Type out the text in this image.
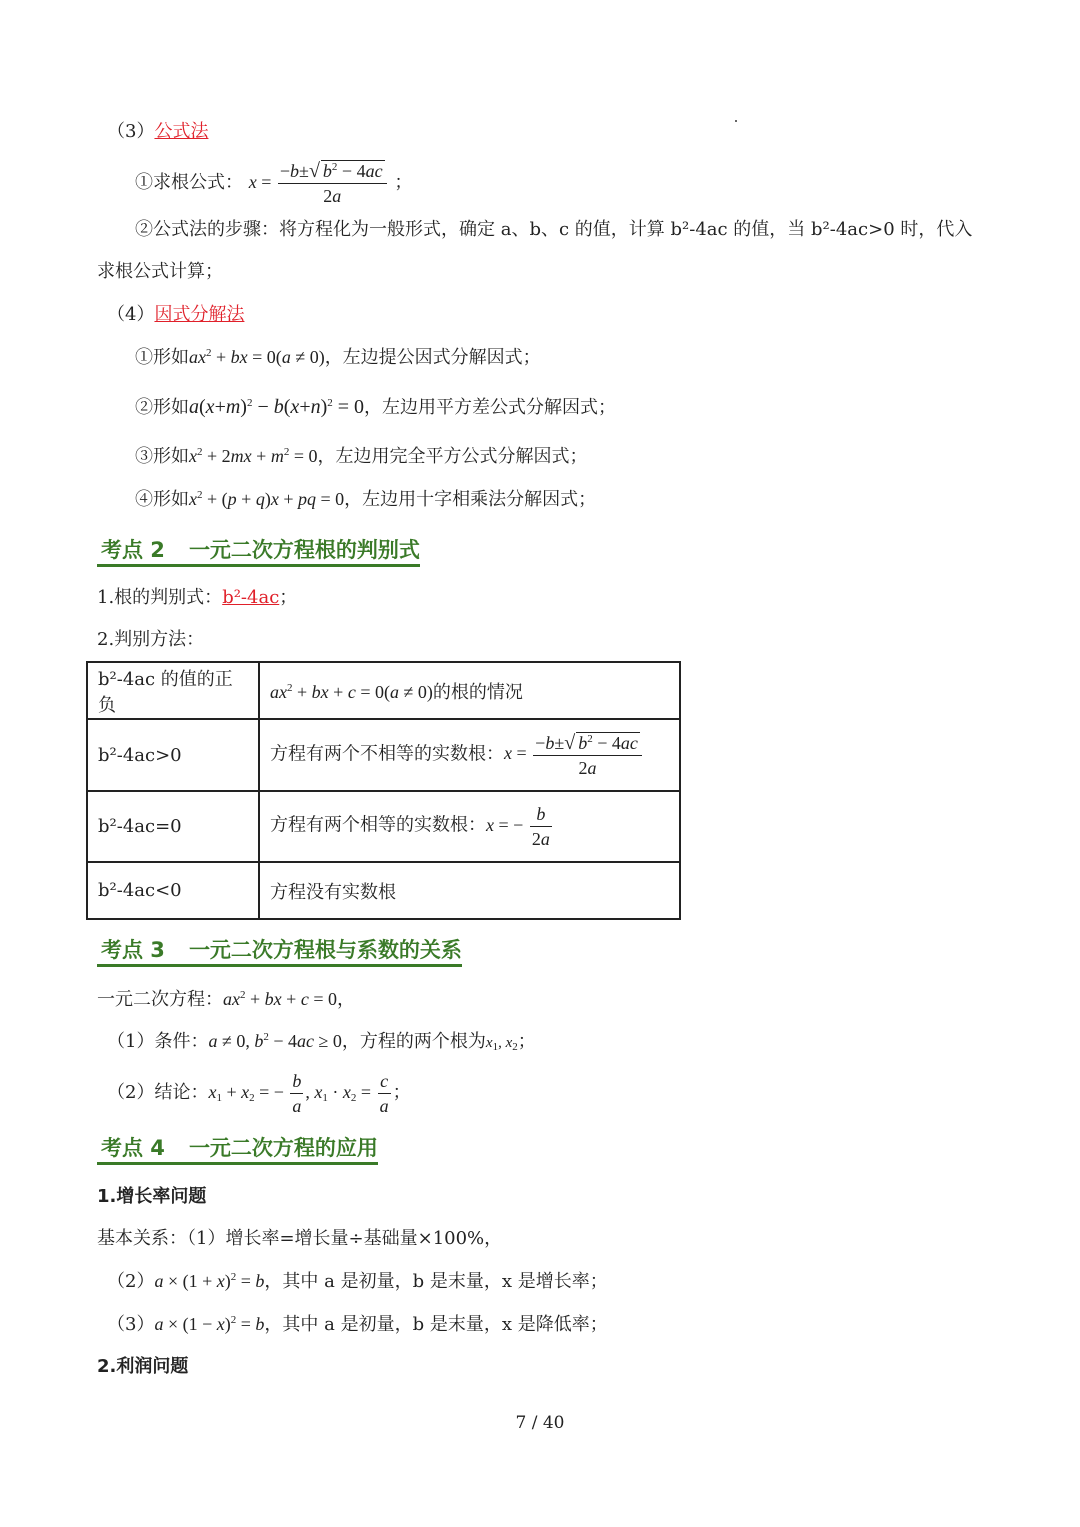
（3）公式法
①求根公式： $x = \frac{-b\pm√ b^2 - 4ac}{2a}$ ；
②公式法的步骤：将方程化为一般形式，确定 a、b、c 的值，计算 b²-4ac 的值，当 b²-4ac>0 时，代入
求根公式计算；
（4）因式分解法
①形如$ax^2$ + bx = 0(a ≠ 0)，左边提公因式分解因式；
②形如$a(x+m)^2 - b(x+n)^2 = 0$，左边用平方差公式分解因式；
③形如$x^2 + 2mx + m^2 = 0$，左边用完全平方公式分解因式；
④形如$x^2 + (p + q)x$ + pq = 0，左边用十字相乘法分解因式；
考点 2 一元二次方程根的判别式
1.根的判别式：b²-4ac；
2.判别方法：
b²-4ac 的值的正负	$ax^2$ + bx + c = 0(a ≠ 0)的根的情况
b²-4ac>0	方程有两个不相等的实数根：$x = \frac{-b\pm√ b^2 - 4ac}{2a}$

b²-4ac=0	方程有两个相等的实数根：x = − $\frac{b}{2a}$

b²-4ac<0	方程没有实数根
考点 3 一元二次方程根与系数的关系
一元二次方程：$ax^2$ + bx + c = 0，
（1）条件：a ≠ 0, $b^2 - 4ac \ge 0$，方程的两个根为$x_1$, $x_2$；
（2）结论：$x_1 + x_2$ = − $\frac{b}{a}$ , $x_1 \cdot x_2 = \frac{c}{a}$ ；
考点 4 一元二次方程的应用
1.增长率问题
基本关系：（1）增长率=增长量÷基础量×100%，
$(2)a \times (1 + x)^2 = b$，其中 a 是初量，b 是末量，x 是增长率；
$(3)a \times (1 - x)^2 = b$，其中 a 是初量，b 是末量，x 是降低率；
2.利润问题
7 / 40
